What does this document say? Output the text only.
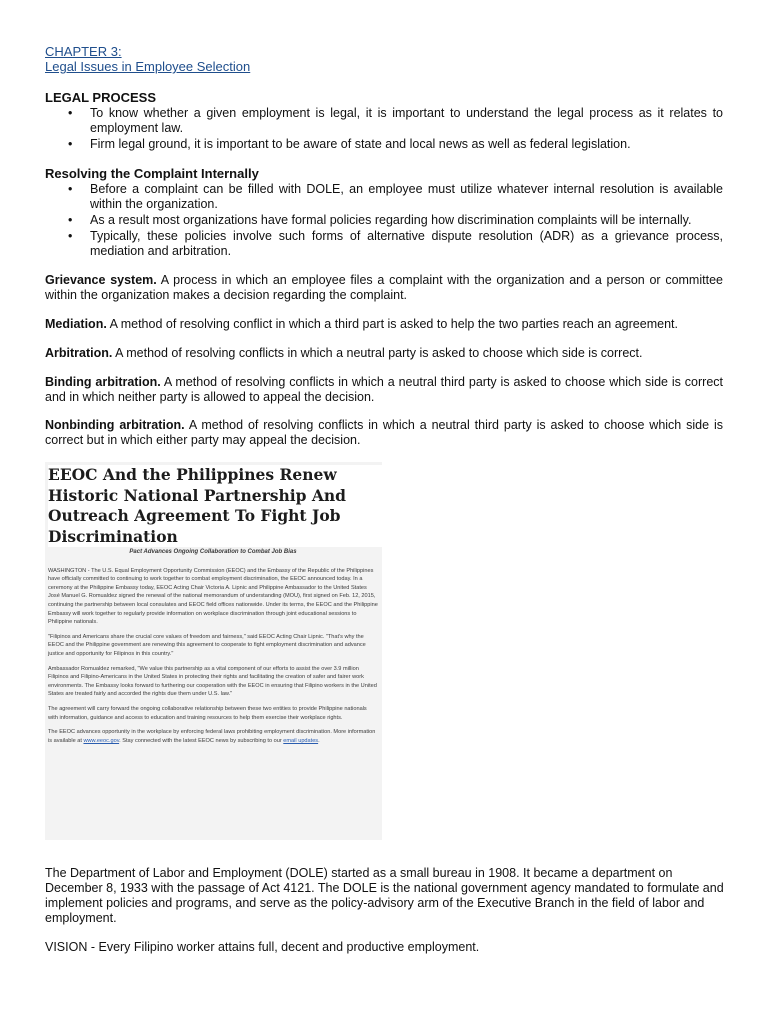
CHAPTER 3:
Legal Issues in Employee Selection
LEGAL PROCESS
• To know whether a given employment is legal, it is important to understand the legal process as it relates to employment law.
• Firm legal ground, it is important to be aware of state and local news as well as federal legislation.
Resolving the Complaint Internally
• Before a complaint can be filled with DOLE, an employee must utilize whatever internal resolution is available within the organization.
• As a result most organizations have formal policies regarding how discrimination complaints will be internally.
• Typically, these policies involve such forms of alternative dispute resolution (ADR) as a grievance process, mediation and arbitration.
Grievance system. A process in which an employee files a complaint with the organization and a person or committee within the organization makes a decision regarding the complaint.
Mediation. A method of resolving conflict in which a third part is asked to help the two parties reach an agreement.
Arbitration. A method of resolving conflicts in which a neutral party is asked to choose which side is correct.
Binding arbitration. A method of resolving conflicts in which a neutral third party is asked to choose which side is correct and in which neither party is allowed to appeal the decision.
Nonbinding arbitration. A method of resolving conflicts in which a neutral third party is asked to choose which side is correct but in which either party may appeal the decision.
EEOC And the Philippines Renew Historic National Partnership And Outreach Agreement To Fight Job Discrimination
Pact Advances Ongoing Collaboration to Combat Job Bias

WASHINGTON - The U.S. Equal Employment Opportunity Commission (EEOC) and the Embassy of the Republic of the Philippines have officially committed to continuing to work together to combat employment discrimination, the EEOC announced today. In a ceremony at the Philippine Embassy today, EEOC Acting Chair Victoria A. Lipnic and Philippine Ambassador to the United States José Manuel G. Romualdez signed the renewal of the national memorandum of understanding (MOU), first signed on Feb. 12, 2015, continuing the partnership between local consulates and EEOC field offices nationwide. Under its terms, the EEOC and the Philippine Embassy will work together to regularly provide information on workplace discrimination through joint educational sessions to Philippine nationals.

"Filipinos and Americans share the crucial core values of freedom and fairness," said EEOC Acting Chair Lipnic. "That's why the EEOC and the Philippine government are renewing this agreement to cooperate to fight employment discrimination and advance justice and opportunity for Filipinos in this country."

Ambassador Romualdez remarked, "We value this partnership as a vital component of our efforts to assist the over 3.9 million Filipinos and Filipino-Americans in the United States in protecting their rights and facilitating the creation of safer and fairer work environments. The Embassy looks forward to furthering our cooperation with the EEOC in ensuring that Filipino workers in the United States are treated fairly and accorded the rights due them under U.S. law."

The agreement will carry forward the ongoing collaborative relationship between these two entities to provide Philippine nationals with information, guidance and access to education and training resources to help them exercise their workplace rights.

The EEOC advances opportunity in the workplace by enforcing federal laws prohibiting employment discrimination. More information is available at www.eeoc.gov. Stay connected with the latest EEOC news by subscribing to our email updates.

The Department of Labor and Employment (DOLE) started as a small bureau in 1908. It became a department on December 8, 1933 with the passage of Act 4121. The DOLE is the national government agency mandated to formulate and implement policies and programs, and serve as the policy-advisory arm of the Executive Branch in the field of labor and employment.

VISION - Every Filipino worker attains full, decent and productive employment.
